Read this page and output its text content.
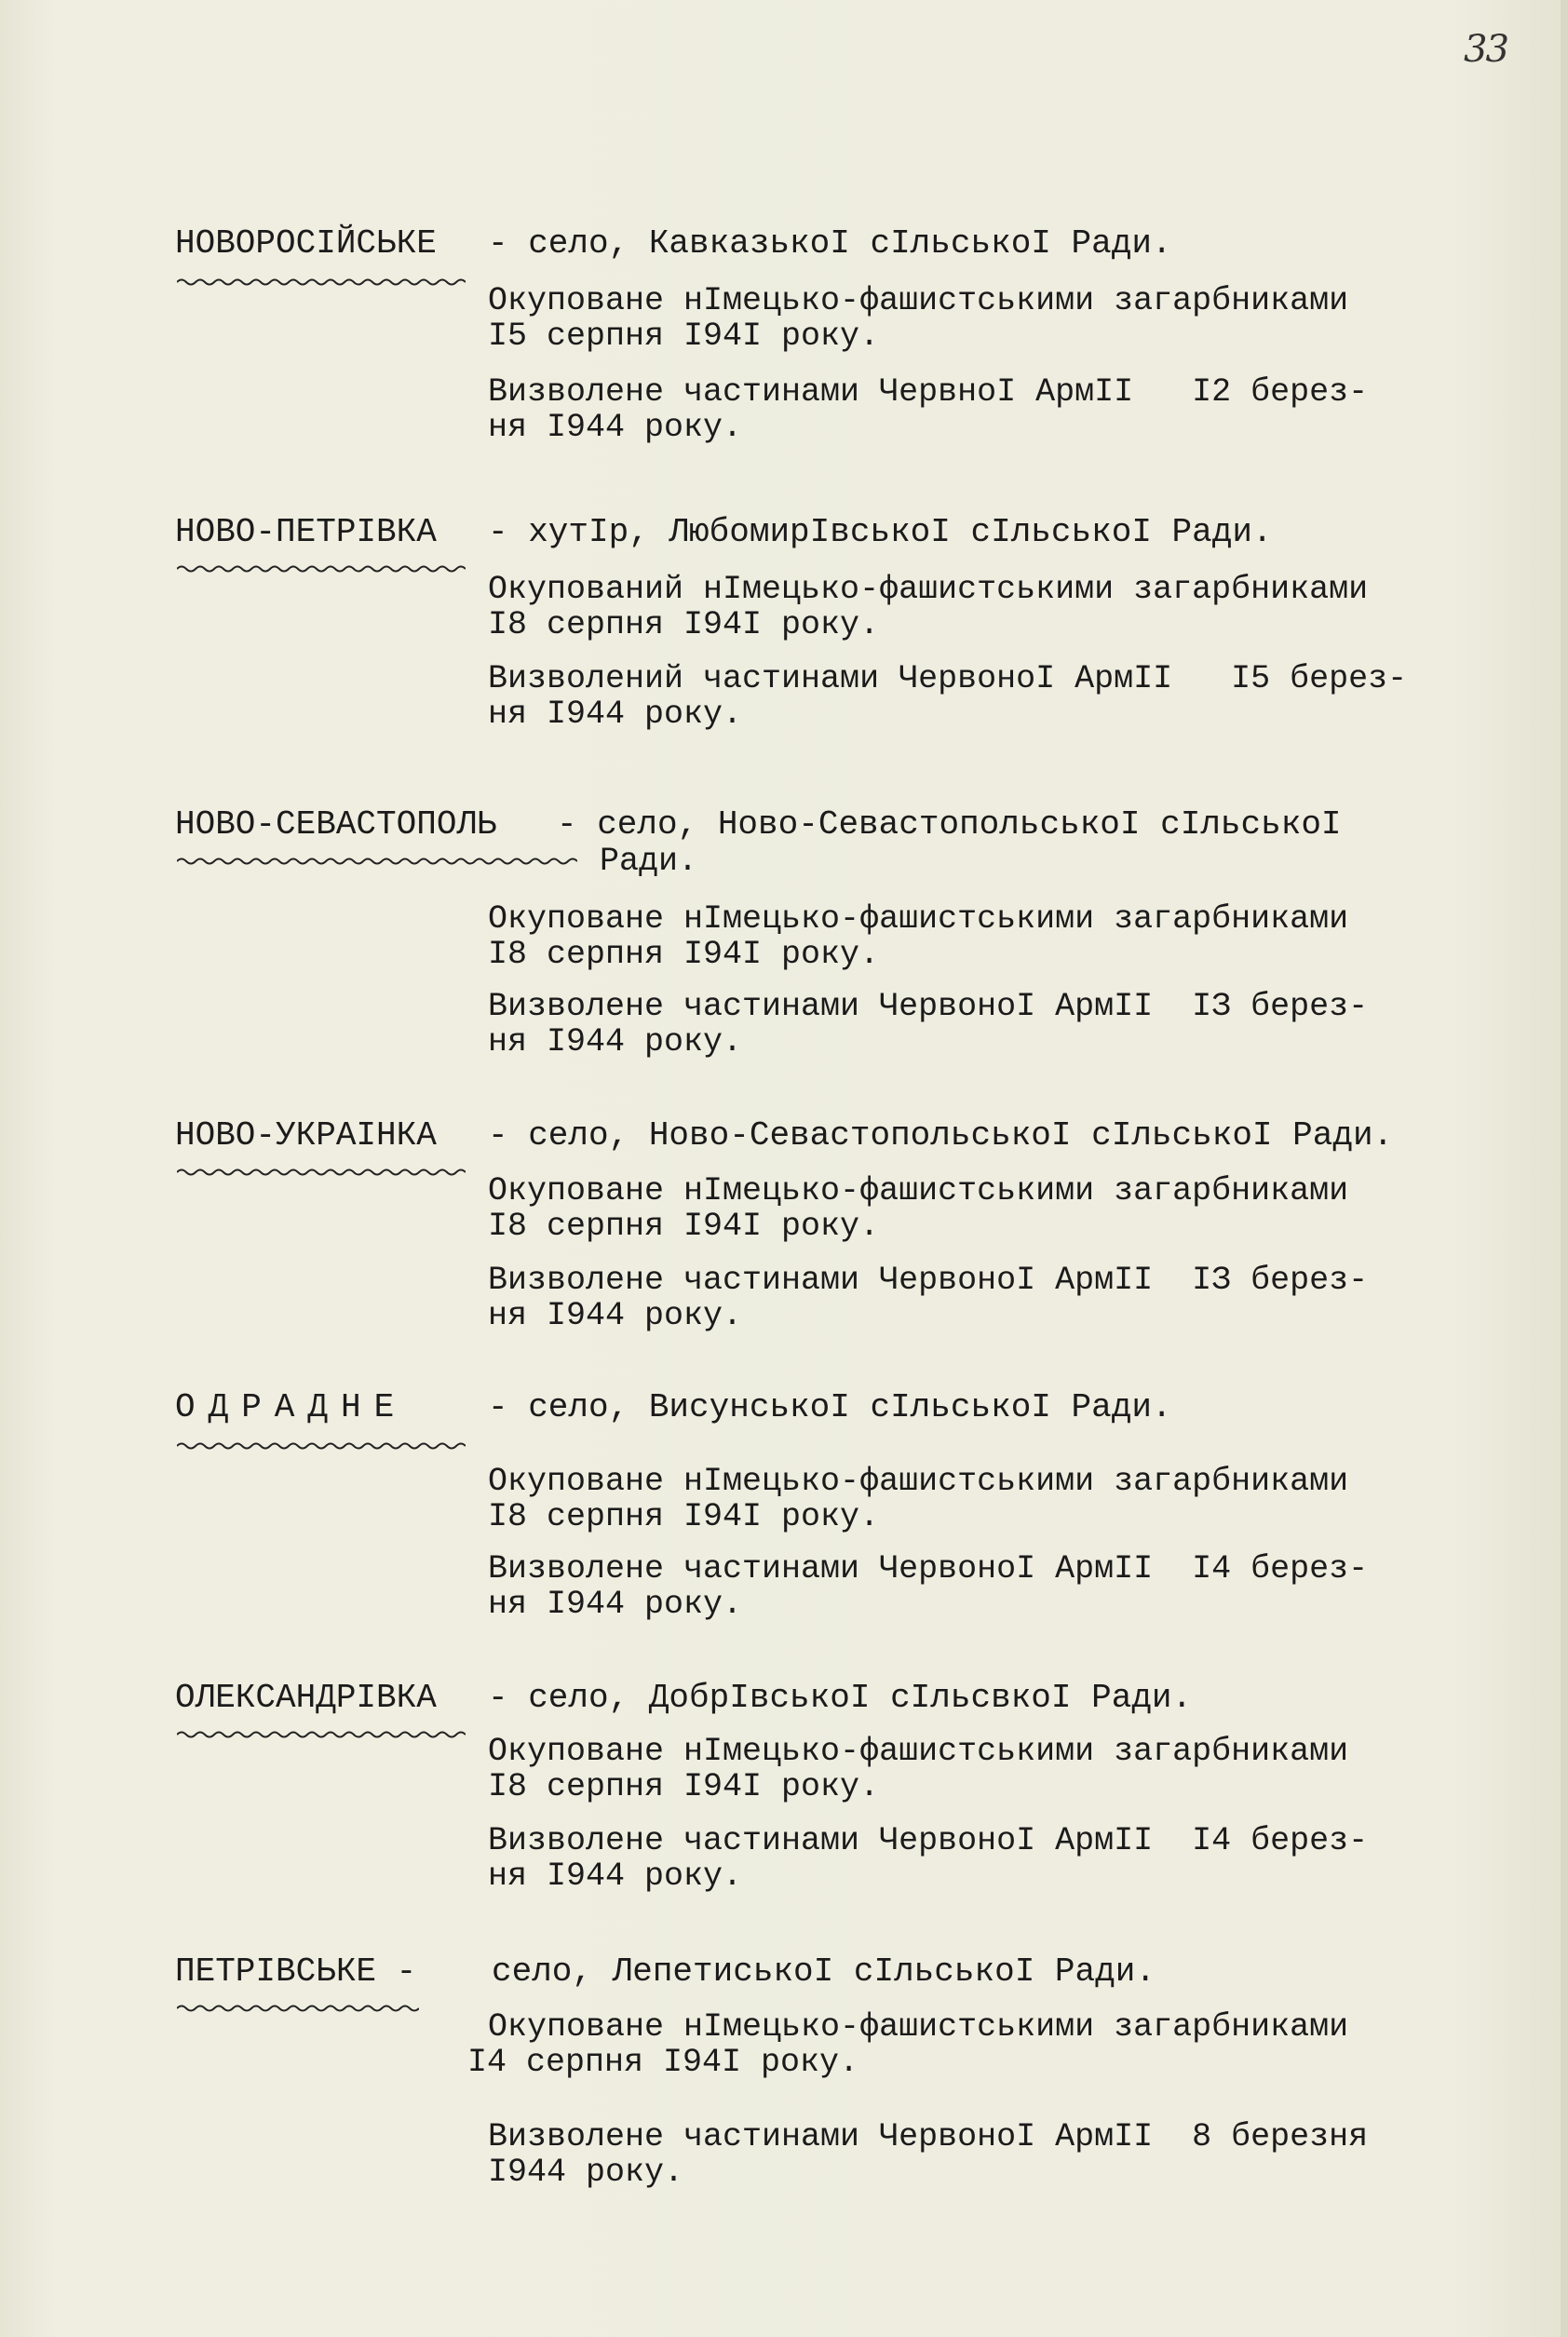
33
НОВОРОСІЙСЬКЕ - село, КавказькоІ сІльськоІ Ради.
Окуповане нІмецько-фашистськими загарбниками
І5 серпня І94І року.
Визволене частинами ЧервноІ АрмІІ   І2 берез-
ня І944 року.
НОВО-ПЕТРІВКА - хутІр, ЛюбомирІвськоІ сІльськоІ Ради.
Окупований нІмецько-фашистськими загарбниками
І8 серпня І94І року.
Визволений частинами ЧервоноІ АрмІІ   І5 берез-
ня І944 року.
НОВО-СЕВАСТОПОЛЬ - село, Ново-СевастопольськоІ сІльськоІ
Ради.
Окуповане нІмецько-фашистськими загарбниками
І8 серпня І94І року.
Визволене частинами ЧервоноІ АрмІІ  ІЗ берез-
ня І944 року.
НОВО-УКРАІНКА - село, Ново-СевастопольськоІ сІльськоІ Ради.
Окуповане нІмецько-фашистськими загарбниками
І8 серпня І94І року.
Визволене частинами ЧервоноІ АрмІІ  ІЗ берез-
ня І944 року.
ОДРАДНЕ - село, ВисунськоІ сІльськоІ Ради.
Окуповане нІмецько-фашистськими загарбниками
І8 серпня І94І року.
Визволене частинами ЧервоноІ АрмІІ  І4 берез-
ня І944 року.
ОЛЕКСАНДРІВКА - село, ДобрІвськоІ сІльсвкоІ Ради.
Окуповане нІмецько-фашистськими загарбниками
І8 серпня І94І року.
Визволене частинами ЧервоноІ АрмІІ  І4 берез-
ня І944 року.
ПЕТРІВСЬКЕ - село, ЛепетиськоІ сІльськоІ Ради.
Окуповане нІмецько-фашистськими загарбниками
І4 серпня І94І року.
Визволене частинами ЧервоноІ АрмІІ  8 березня
І944 року.
